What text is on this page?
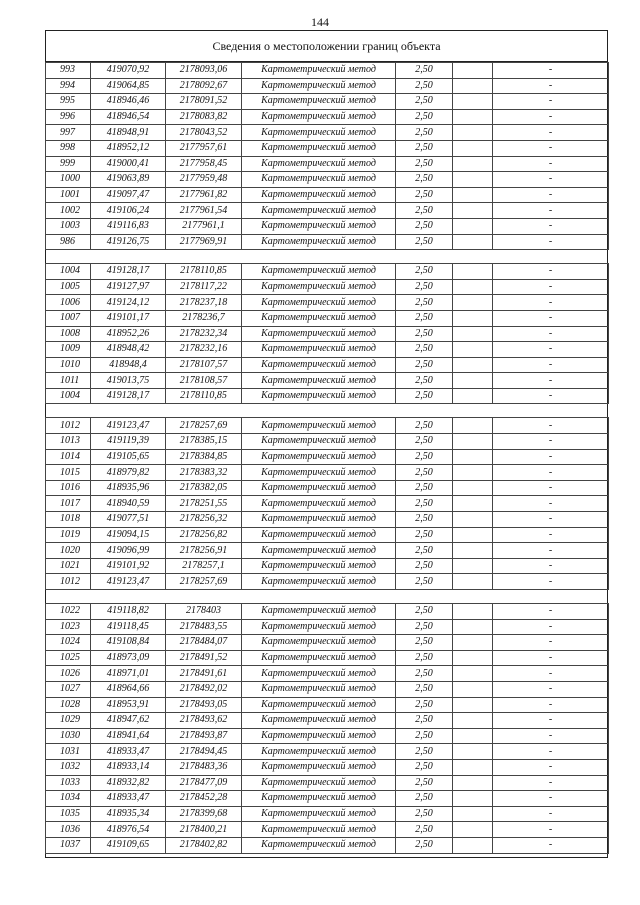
144
Сведения о местоположении границ объекта
993	419070,92	2178093,06	Картометрический метод	2,50		-
994	419064,85	2178092,67	Картометрический метод	2,50		-
995	418946,46	2178091,52	Картометрический метод	2,50		-
996	418946,54	2178083,82	Картометрический метод	2,50		-
997	418948,91	2178043,52	Картометрический метод	2,50		-
998	418952,12	2177957,61	Картометрический метод	2,50		-
999	419000,41	2177958,45	Картометрический метод	2,50		-
1000	419063,89	2177959,48	Картометрический метод	2,50		-
1001	419097,47	2177961,82	Картометрический метод	2,50		-
1002	419106,24	2177961,54	Картометрический метод	2,50		-
1003	419116,83	2177961,1	Картометрический метод	2,50		-
986	419126,75	2177969,91	Картометрический метод	2,50		-

1004	419128,17	2178110,85	Картометрический метод	2,50		-
1005	419127,97	2178117,22	Картометрический метод	2,50		-
1006	419124,12	2178237,18	Картометрический метод	2,50		-
1007	419101,17	2178236,7	Картометрический метод	2,50		-
1008	418952,26	2178232,34	Картометрический метод	2,50		-
1009	418948,42	2178232,16	Картометрический метод	2,50		-
1010	418948,4	2178107,57	Картометрический метод	2,50		-
1011	419013,75	2178108,57	Картометрический метод	2,50		-
1004	419128,17	2178110,85	Картометрический метод	2,50		-

1012	419123,47	2178257,69	Картометрический метод	2,50		-
1013	419119,39	2178385,15	Картометрический метод	2,50		-
1014	419105,65	2178384,85	Картометрический метод	2,50		-
1015	418979,82	2178383,32	Картометрический метод	2,50		-
1016	418935,96	2178382,05	Картометрический метод	2,50		-
1017	418940,59	2178251,55	Картометрический метод	2,50		-
1018	419077,51	2178256,32	Картометрический метод	2,50		-
1019	419094,15	2178256,82	Картометрический метод	2,50		-
1020	419096,99	2178256,91	Картометрический метод	2,50		-
1021	419101,92	2178257,1	Картометрический метод	2,50		-
1012	419123,47	2178257,69	Картометрический метод	2,50		-

1022	419118,82	2178403	Картометрический метод	2,50		-
1023	419118,45	2178483,55	Картометрический метод	2,50		-
1024	419108,84	2178484,07	Картометрический метод	2,50		-
1025	418973,09	2178491,52	Картометрический метод	2,50		-
1026	418971,01	2178491,61	Картометрический метод	2,50		-
1027	418964,66	2178492,02	Картометрический метод	2,50		-
1028	418953,91	2178493,05	Картометрический метод	2,50		-
1029	418947,62	2178493,62	Картометрический метод	2,50		-
1030	418941,64	2178493,87	Картометрический метод	2,50		-
1031	418933,47	2178494,45	Картометрический метод	2,50		-
1032	418933,14	2178483,36	Картометрический метод	2,50		-
1033	418932,82	2178477,09	Картометрический метод	2,50		-
1034	418933,47	2178452,28	Картометрический метод	2,50		-
1035	418935,34	2178399,68	Картометрический метод	2,50		-
1036	418976,54	2178400,21	Картометрический метод	2,50		-
1037	419109,65	2178402,82	Картометрический метод	2,50		-
